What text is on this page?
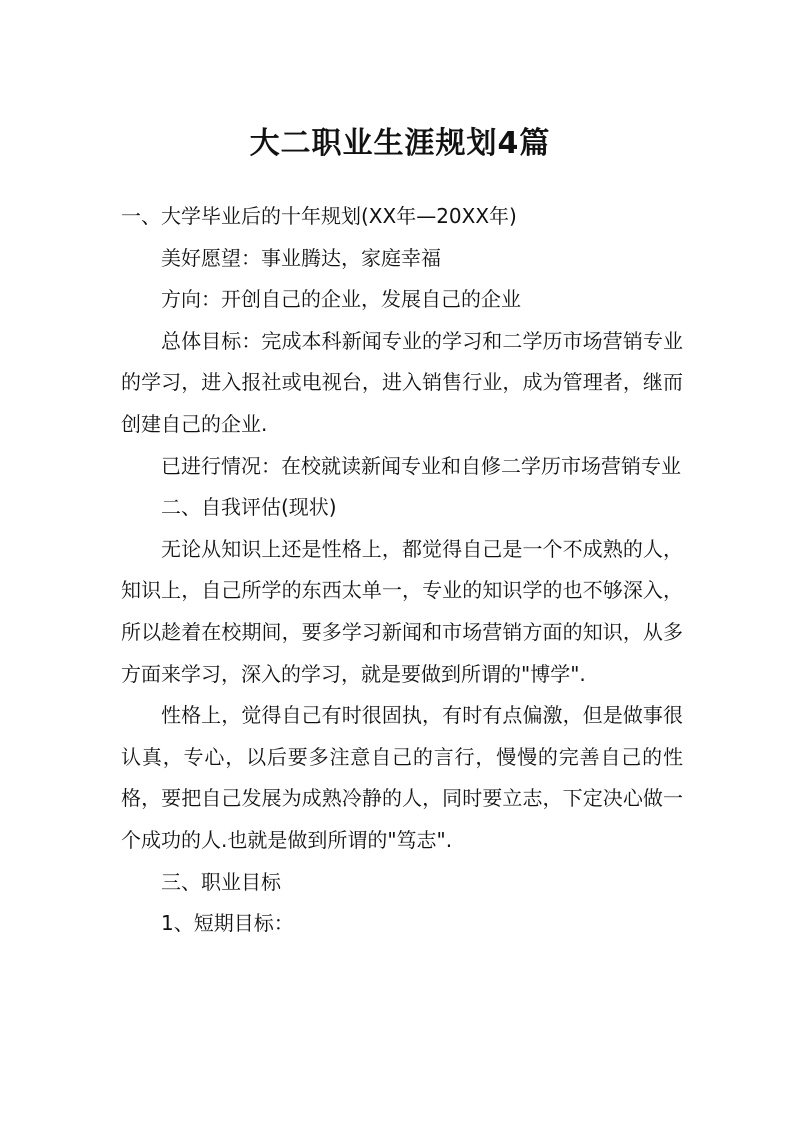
大二职业生涯规划4篇

一、大学毕业后的十年规划(XX年—20XX年)

美好愿望：事业腾达，家庭幸福

方向：开创自己的企业，发展自己的企业

总体目标：完成本科新闻专业的学习和二学历市场营销专业的学习，进入报社或电视台，进入销售行业，成为管理者，继而创建自己的企业.

已进行情况：在校就读新闻专业和自修二学历市场营销专业

二、自我评估(现状)

无论从知识上还是性格上，都觉得自己是一个不成熟的人，知识上，自己所学的东西太单一，专业的知识学的也不够深入，所以趁着在校期间，要多学习新闻和市场营销方面的知识，从多方面来学习，深入的学习，就是要做到所谓的"博学".

性格上，觉得自己有时很固执，有时有点偏激，但是做事很认真，专心，以后要多注意自己的言行，慢慢的完善自己的性格，要把自己发展为成熟冷静的人，同时要立志，下定决心做一个成功的人.也就是做到所谓的"笃志".

三、职业目标

1、短期目标：
